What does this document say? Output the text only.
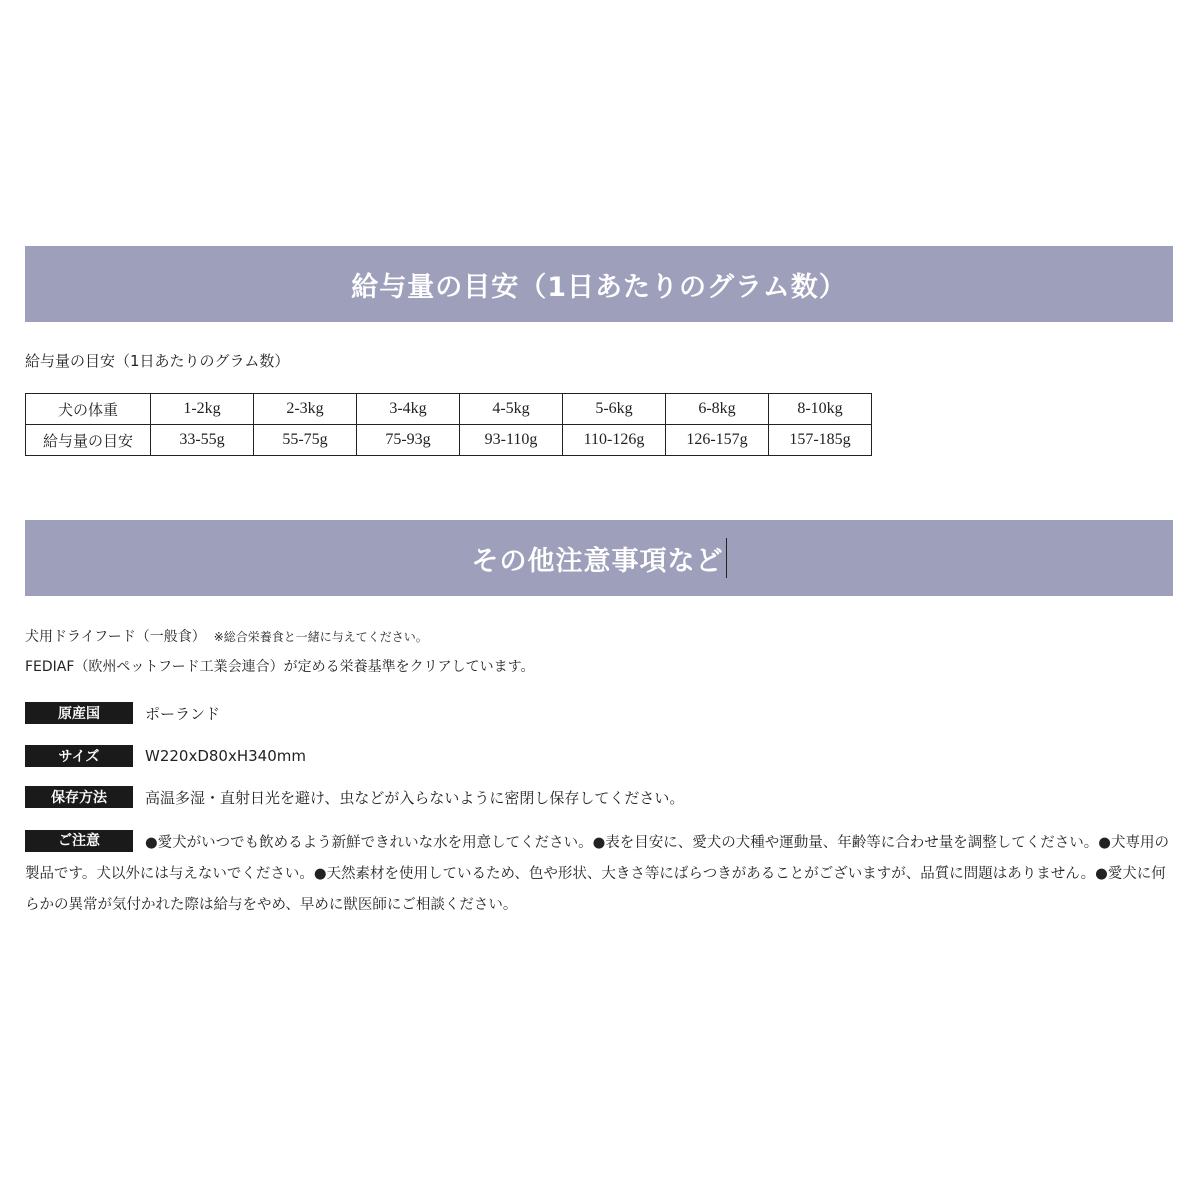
給与量の目安（1日あたりのグラム数）
給与量の目安（1日あたりのグラム数）
犬の体重	1-2kg	2-3kg	3-4kg	4-5kg	5-6kg	6-8kg	8-10kg
給与量の目安	33-55g	55-75g	75-93g	93-110g	110-126g	126-157g	157-185g
その他注意事項など
犬用ドライフード（一般食） ※総合栄養食と一緒に与えてください。
FEDIAF（欧州ペットフード工業会連合）が定める栄養基準をクリアしています。
原産国	ポーランド
サイズ	W220xD80xH340mm
保存方法	高温多湿・直射日光を避け、虫などが入らないように密閉し保存してください。
ご注意	●愛犬がいつでも飲めるよう新鮮できれいな水を用意してください。●表を目安に、愛犬の犬種や運動量、年齢等に合わせ量を調整してください。●犬専用の製品です。犬以外には与えないでください。●天然素材を使用しているため、色や形状、大きさ等にばらつきがあることがございますが、品質に問題はありません。●愛犬に何らかの異常が気付かれた際は給与をやめ、早めに獣医師にご相談ください。
